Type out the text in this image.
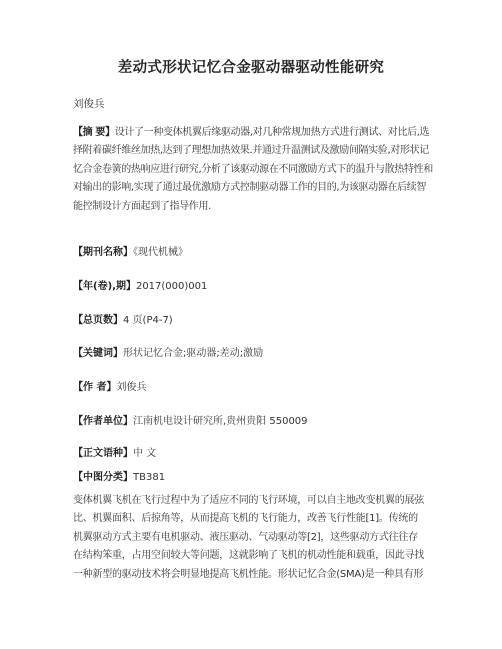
差动式形状记忆合金驱动器驱动性能研究
刘俊兵
【摘 要】设计了一种变体机翼后缘驱动器,对几种常规加热方式进行测试、对比后,选择附着碳纤维丝加热,达到了理想加热效果.并通过升温测试及激励间隔实验,对形状记忆合金卷簧的热响应进行研究,分析了该驱动源在不同激励方式下的温升与散热特性和对输出的影响,实现了通过最优激励方式控制驱动器工作的目的,为该驱动器在后续智能控制设计方面起到了指导作用.
【期刊名称】《现代机械》
【年(卷),期】2017(000)001
【总页数】4 页(P4-7)
【关键词】形状记忆合金;驱动器;差动;激励
【作 者】刘俊兵
【作者单位】江南机电设计研究所,贵州贵阳 550009
【正文语种】中 文
【中图分类】TB381
变体机翼飞机在飞行过程中为了适应不同的飞行环境，可以自主地改变机翼的展弦
比、机翼面积、后掠角等，从而提高飞机的飞行能力，改善飞行性能[1]。传统的
机翼驱动方式主要有电机驱动、液压驱动、气动驱动等[2]，这些驱动方式往往存
在结构笨重，占用空间较大等问题，这就影响了飞机的机动性能和载重，因此寻找
一种新型的驱动技术将会明显地提高飞机性能。形状记忆合金(SMA)是一种具有形
